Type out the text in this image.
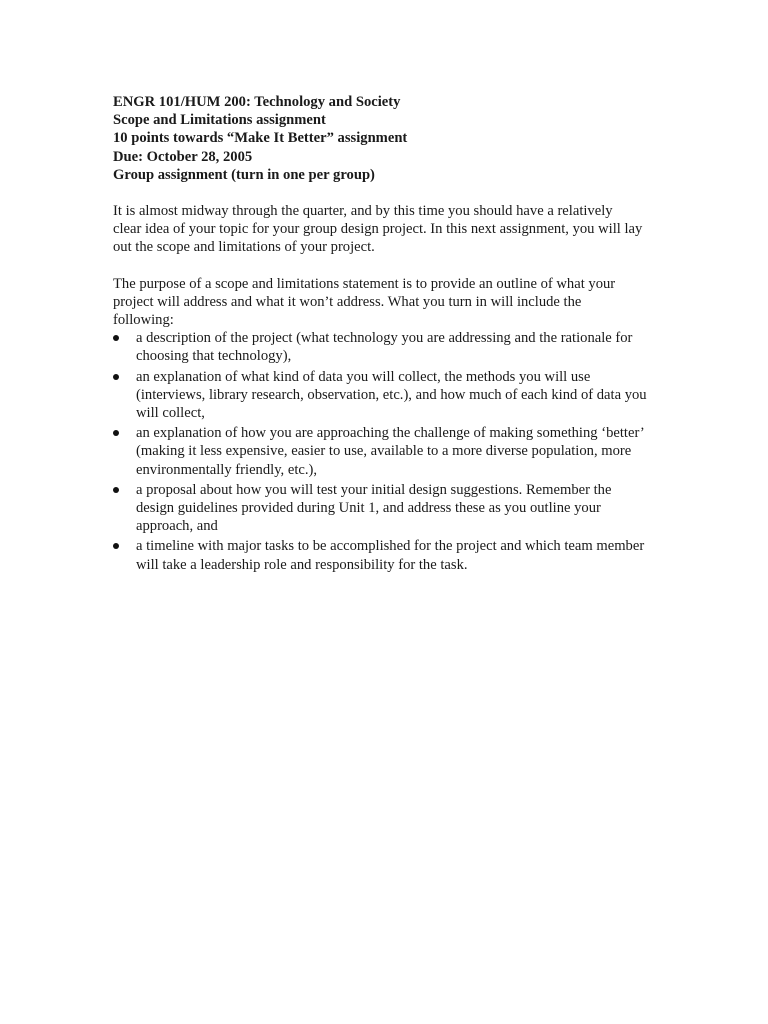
ENGR 101/HUM 200: Technology and Society
Scope and Limitations assignment
10 points towards “Make It Better” assignment
Due: October 28, 2005
Group assignment (turn in one per group)

It is almost midway through the quarter, and by this time you should have a relatively clear idea of your topic for your group design project. In this next assignment, you will lay out the scope and limitations of your project.

The purpose of a scope and limitations statement is to provide an outline of what your project will address and what it won’t address. What you turn in will include the following:

a description of the project (what technology you are addressing and the rationale for choosing that technology),
an explanation of what kind of data you will collect, the methods you will use (interviews, library research, observation, etc.), and how much of each kind of data you will collect,
an explanation of how you are approaching the challenge of making something ‘better’ (making it less expensive, easier to use, available to a more diverse population, more environmentally friendly, etc.),
a proposal about how you will test your initial design suggestions. Remember the design guidelines provided during Unit 1, and address these as you outline your approach, and
a timeline with major tasks to be accomplished for the project and which team member will take a leadership role and responsibility for the task.
